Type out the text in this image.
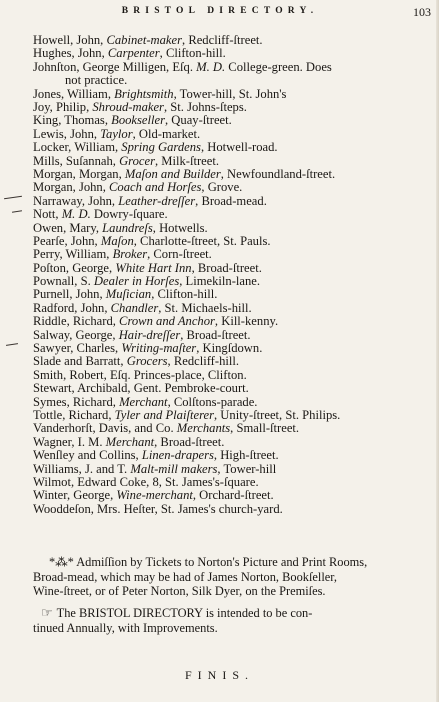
BRISTOL DIRECTORY.	103
Howell, John, Cabinet-maker, Redcliff-ſtreet.
Hughes, John, Carpenter, Clifton-hill.
Johnſton, George Milligen, Eſq. M. D. College-green. Does
not practice.
Jones, William, Brightsmith, Tower-hill, St. John's
Joy, Philip, Shroud-maker, St. Johns-ſteps.
King, Thomas, Bookseller, Quay-ſtreet.
Lewis, John, Taylor, Old-market.
Locker, William, Spring Gardens, Hotwell-road.
Mills, Suſannah, Grocer, Milk-ſtreet.
Morgan, Morgan, Maſon and Builder, Newfoundland-ſtreet.
Morgan, John, Coach and Horſes, Grove.
Narraway, John, Leather-dreſſer, Broad-mead.
Nott, M. D. Dowry-ſquare.
Owen, Mary, Laundreſs, Hotwells.
Pearſe, John, Maſon, Charlotte-ſtreet, St. Pauls.
Perry, William, Broker, Corn-ſtreet.
Poſton, George, White Hart Inn, Broad-ſtreet.
Pownall, S. Dealer in Horſes, Limekiln-lane.
Purnell, John, Muſician, Clifton-hill.
Radford, John, Chandler, St. Michaels-hill.
Riddle, Richard, Crown and Anchor, Kill-kenny.
Salway, George, Hair-dreſſer, Broad-ſtreet.
Sawyer, Charles, Writing-maſter, Kingſdown.
Slade and Barratt, Grocers, Redcliff-hill.
Smith, Robert, Eſq. Princes-place, Clifton.
Stewart, Archibald, Gent. Pembroke-court.
Symes, Richard, Merchant, Colſtons-parade.
Tottle, Richard, Tyler and Plaiſterer, Unity-ſtreet, St. Philips.
Vanderhorſt, Davis, and Co. Merchants, Small-ſtreet.
Wagner, I. M. Merchant, Broad-ſtreet.
Wenſley and Collins, Linen-drapers, High-ſtreet.
Williams, J. and T. Malt-mill makers, Tower-hill
Wilmot, Edward Coke, 8, St. James's-ſquare.
Winter, George, Wine-merchant, Orchard-ſtreet.
Wooddeſon, Mrs. Heſter, St. James's church-yard.
*⁂* Admiſſion by Tickets to Norton's Picture and Print Rooms,
Broad-mead, which may be had of James Norton, Bookſeller,
Wine-ſtreet, or of Peter Norton, Silk Dyer, on the Premiſes.
☞ The BRISTOL DIRECTORY is intended to be con-
tinued Annually, with Improvements.
FINIS.
